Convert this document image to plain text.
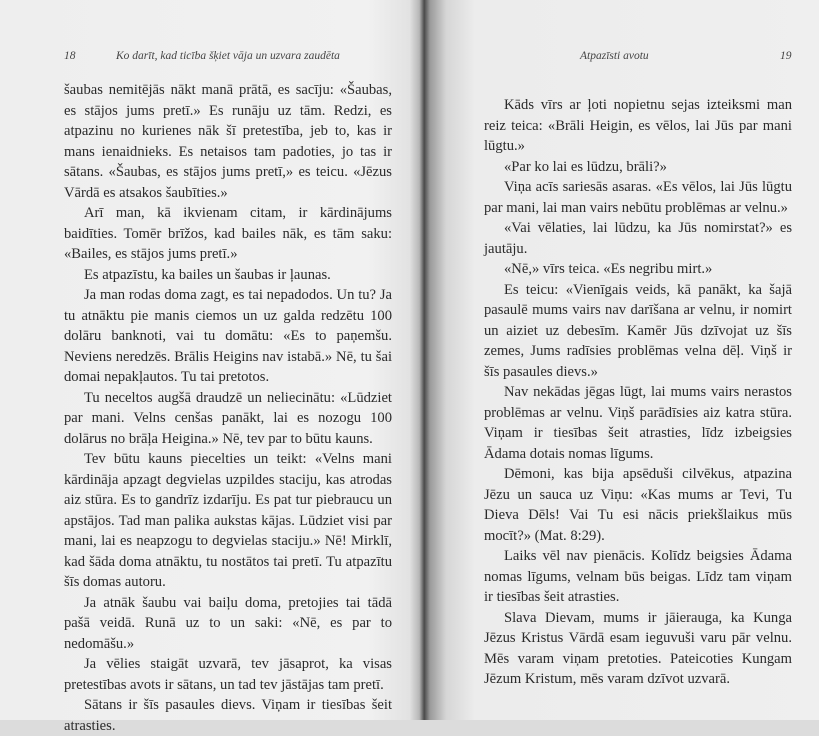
18	Ko darīt, kad ticība šķiet vāja un uzvara zaudēta

šaubas nemitējās nākt manā prātā, es sacīju: «Šaubas, es stājos jums pretī.» Es runāju uz tām. Redzi, es atpazinu no kurienes nāk šī pretestība, jeb to, kas ir mans ienaidnieks. Es netaisos tam padoties, jo tas ir sātans. «Šaubas, es stājos jums pretī,» es teicu. «Jēzus Vārdā es atsakos šaubīties.»

Arī man, kā ikvienam citam, ir kārdinājums baidīties. Tomēr brīžos, kad bailes nāk, es tām saku: «Bailes, es stājos jums pretī.»

Es atpazīstu, ka bailes un šaubas ir ļaunas.

Ja man rodas doma zagt, es tai nepadodos. Un tu? Ja tu atnāktu pie manis ciemos un uz galda redzētu 100 dolāru banknoti, vai tu domātu: «Es to paņemšu. Neviens neredzēs. Brālis Heigins nav istabā.» Nē, tu šai domai nepakļautos. Tu tai pretotos.

Tu neceltos augšā draudzē un neliecinātu: «Lūdziet par mani. Velns cenšas panākt, lai es nozogu 100 dolārus no brāļa Heigina.» Nē, tev par to būtu kauns.

Tev būtu kauns piecelties un teikt: «Velns mani kārdināja apzagt degvielas uzpildes staciju, kas atrodas aiz stūra. Es to gandrīz izdarīju. Es pat tur piebraucu un apstājos. Tad man palika aukstas kājas. Lūdziet visi par mani, lai es neapzogu to degvielas staciju.» Nē! Mirklī, kad šāda doma atnāktu, tu nostātos tai pretī. Tu atpazītu šīs domas autoru.

Ja atnāk šaubu vai baiļu doma, pretojies tai tādā pašā veidā. Runā uz to un saki: «Nē, es par to nedomāšu.»

Ja vēlies staigāt uzvarā, tev jāsaprot, ka visas pretestības avots ir sātans, un tad tev jāstājas tam pretī.

Sātans ir šīs pasaules dievs. Viņam ir tiesības šeit atrasties.

Atpazīsti avotu	19

Kāds vīrs ar ļoti nopietnu sejas izteiksmi man reiz teica: «Brāli Heigin, es vēlos, lai Jūs par mani lūgtu.»

«Par ko lai es lūdzu, brāli?»

Viņa acīs sariesās asaras. «Es vēlos, lai Jūs lūgtu par mani, lai man vairs nebūtu problēmas ar velnu.»

«Vai vēlaties, lai lūdzu, ka Jūs nomirstat?» es jautāju.

«Nē,» vīrs teica. «Es negribu mirt.»

Es teicu: «Vienīgais veids, kā panākt, ka šajā pasaulē mums vairs nav darīšana ar velnu, ir nomirt un aiziet uz debesīm. Kamēr Jūs dzīvojat uz šīs zemes, Jums radīsies problēmas velna dēļ. Viņš ir šīs pasaules dievs.»

Nav nekādas jēgas lūgt, lai mums vairs nerastos problēmas ar velnu. Viņš parādīsies aiz katra stūra. Viņam ir tiesības šeit atrasties, līdz izbeigsies Ādama dotais nomas līgums.

Dēmoni, kas bija apsēduši cilvēkus, atpazina Jēzu un sauca uz Viņu: «Kas mums ar Tevi, Tu Dieva Dēls! Vai Tu esi nācis priekšlaikus mūs mocīt?» (Mat. 8:29).

Laiks vēl nav pienācis. Kolīdz beigsies Ādama nomas līgums, velnam būs beigas. Līdz tam viņam ir tiesības šeit atrasties.

Slava Dievam, mums ir jāierauga, ka Kunga Jēzus Kristus Vārdā esam ieguvuši varu pār velnu. Mēs varam viņam pretoties. Pateicoties Kungam Jēzum Kristum, mēs varam dzīvot uzvarā.
